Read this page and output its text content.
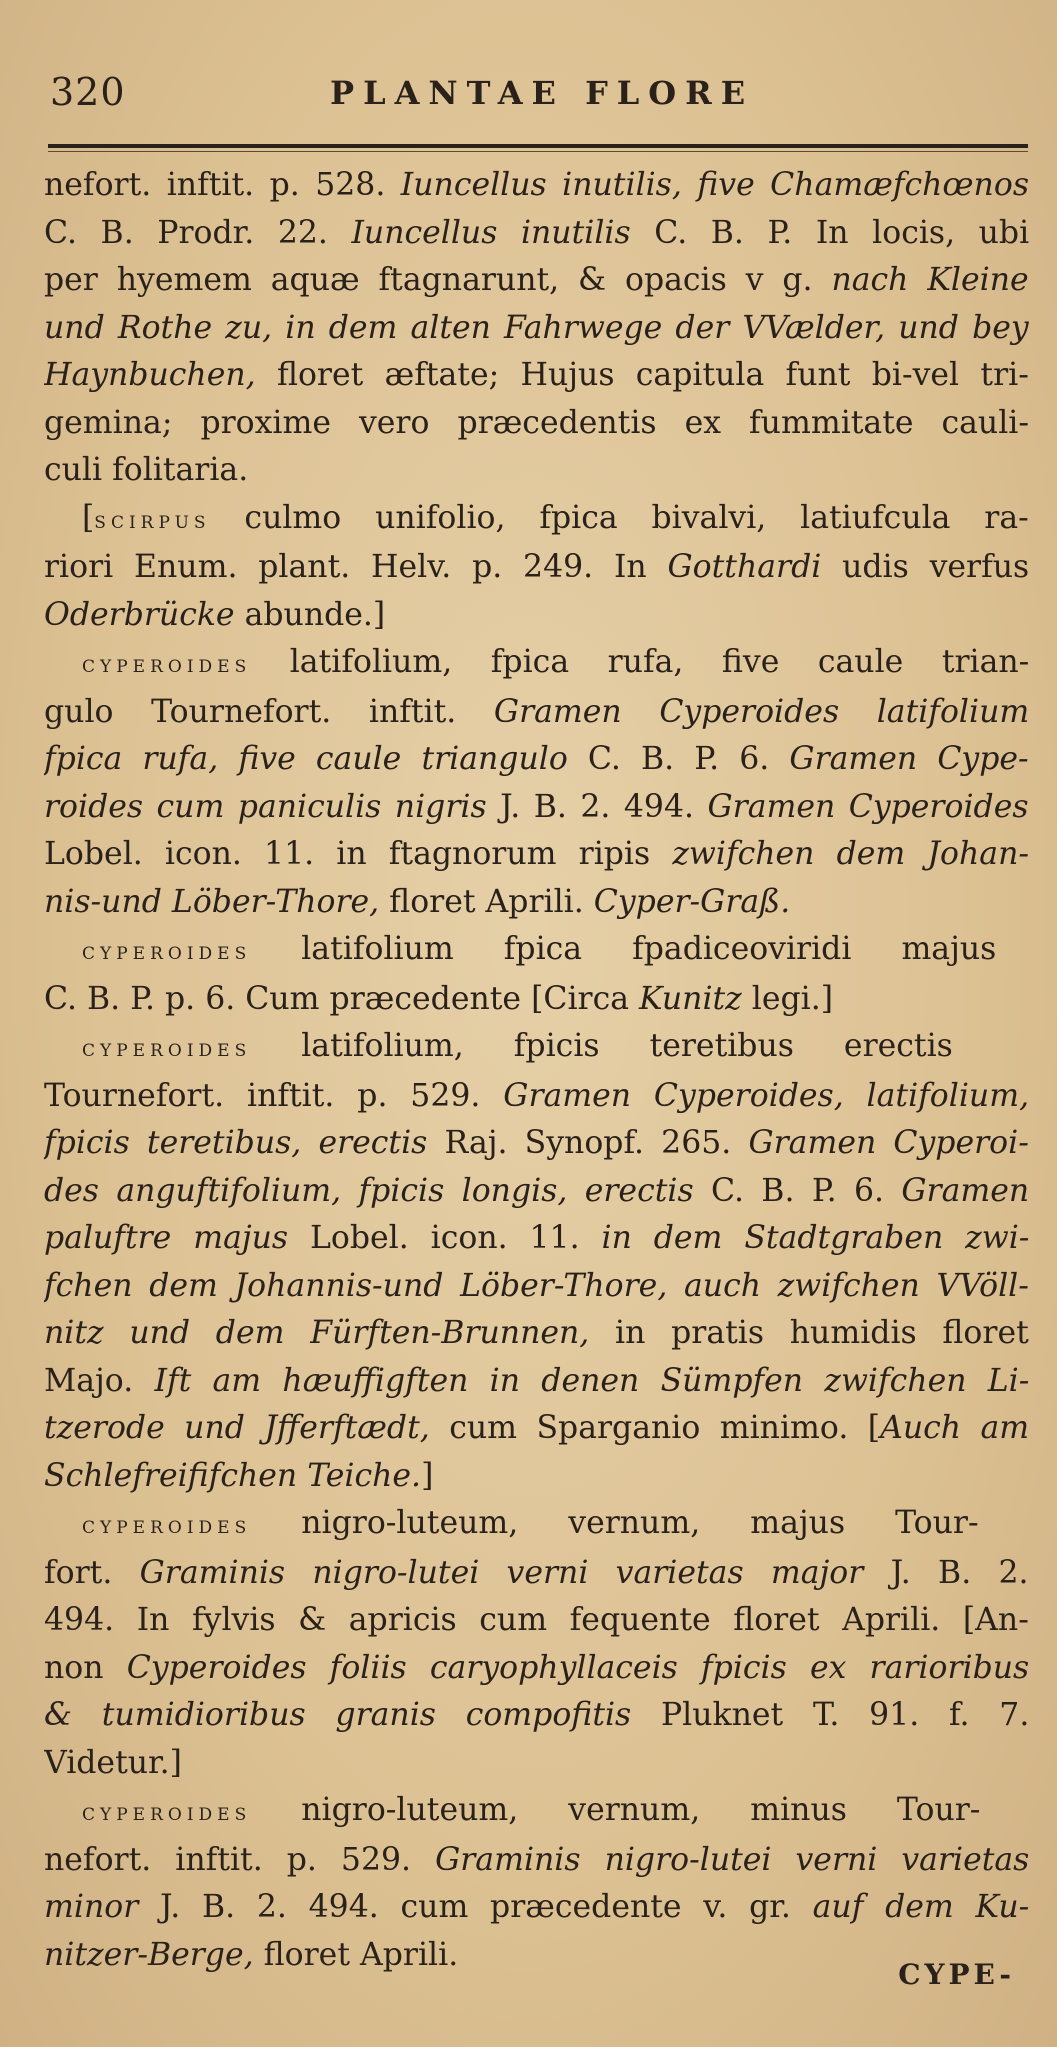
320	PLANTAE FLORE
nefort. inftit. p. 528. Iuncellus inutilis, five Chamæfchœnos
C. B. Prodr. 22. Iuncellus inutilis C. B. P. In locis, ubi
per hyemem aquæ ftagnarunt, & opacis v g. nach Kleine
und Rothe zu, in dem alten Fahrwege der VVælder, und bey
Haynbuchen, floret æftate; Hujus capitula funt bi-vel tri-
gemina; proxime vero præcedentis ex fummitate cauli-
culi folitaria.
[scirpus culmo unifolio, fpica bivalvi, latiufcula ra-
riori Enum. plant. Helv. p. 249. In Gotthardi udis verfus
Oderbrücke abunde.]
cyperoides latifolium, fpica rufa, five caule trian-
gulo Tournefort. inftit. Gramen Cyperoides latifolium
fpica rufa, five caule triangulo C. B. P. 6. Gramen Cype-
roides cum paniculis nigris J. B. 2. 494. Gramen Cyperoides
Lobel. icon. 11. in ftagnorum ripis zwifchen dem Johan-
nis-und Löber-Thore, floret Aprili. Cyper-Graß.
cyperoides latifolium fpica fpadiceoviridi majus
C. B. P. p. 6. Cum præcedente [Circa Kunitz legi.]
cyperoides latifolium, fpicis teretibus erectis
Tournefort. inftit. p. 529. Gramen Cyperoides, latifolium,
fpicis teretibus, erectis Raj. Synopf. 265. Gramen Cyperoi-
des anguftifolium, fpicis longis, erectis C. B. P. 6. Gramen
paluftre majus Lobel. icon. 11. in dem Stadtgraben zwi-
fchen dem Johannis-und Löber-Thore, auch zwifchen VVöll-
nitz und dem Fürften-Brunnen, in pratis humidis floret
Majo. Ift am hæuffigften in denen Sümpfen zwifchen Li-
tzerode und Jfferftædt, cum Sparganio minimo. [Auch am
Schlefreififchen Teiche.]
cyperoides nigro-luteum, vernum, majus Tour-
fort. Graminis nigro-lutei verni varietas major J. B. 2.
494. In fylvis & apricis cum fequente floret Aprili. [An-
non Cyperoides foliis caryophyllaceis fpicis ex rarioribus
& tumidioribus granis compofitis Pluknet T. 91. f. 7.
Videtur.]
cyperoides nigro-luteum, vernum, minus Tour-
nefort. inftit. p. 529. Graminis nigro-lutei verni varietas
minor J. B. 2. 494. cum præcedente v. gr. auf dem Ku-
nitzer-Berge, floret Aprili.
CYPE-
